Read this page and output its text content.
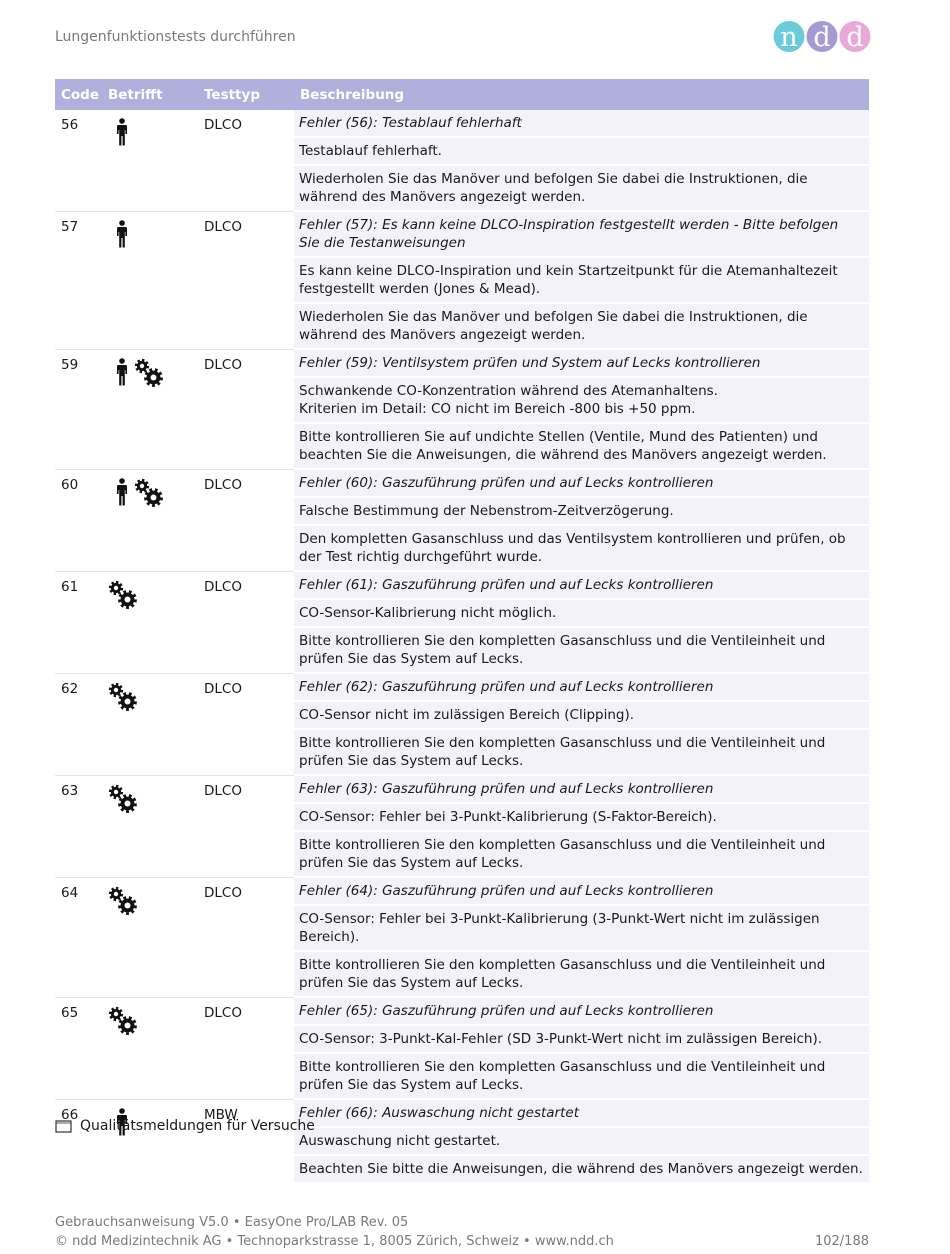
Lungenfunktionstests durchführen	n d d
Code	Betrifft	Testtyp	Beschreibung
56		DLCO	Fehler (56): Testablauf fehlerhaft
			Testablauf fehlerhaft.
			Wiederholen Sie das Manöver und befolgen Sie dabei die Instruktionen, die während des Manövers angezeigt werden.
57		DLCO	Fehler (57): Es kann keine DLCO-Inspiration festgestellt werden - Bitte befolgen Sie die Testanweisungen
			Es kann keine DLCO-Inspiration und kein Startzeitpunkt für die Atemanhaltezeit festgestellt werden (Jones & Mead).
			Wiederholen Sie das Manöver und befolgen Sie dabei die Instruktionen, die während des Manövers angezeigt werden.
59		DLCO	Fehler (59): Ventilsystem prüfen und System auf Lecks kontrollieren

			Schwankende CO-Konzentration während des Atemanhaltens.
Kriterien im Detail: CO nicht im Bereich -800 bis +50 ppm.

			Bitte kontrollieren Sie auf undichte Stellen (Ventile, Mund des Patienten) und beachten Sie die Anweisungen, die während des Manövers angezeigt werden.
60		DLCO	Fehler (60): Gaszuführung prüfen und auf Lecks kontrollieren
			Falsche Bestimmung der Nebenstrom-Zeitverzögerung.
			Den kompletten Gasanschluss und das Ventilsystem kontrollieren und prüfen, ob der Test richtig durchgeführt wurde.
61		DLCO	Fehler (61): Gaszuführung prüfen und auf Lecks kontrollieren
			CO-Sensor-Kalibrierung nicht möglich.
			Bitte kontrollieren Sie den kompletten Gasanschluss und die Ventileinheit und prüfen Sie das System auf Lecks.
62		DLCO	Fehler (62): Gaszuführung prüfen und auf Lecks kontrollieren
			CO-Sensor nicht im zulässigen Bereich (Clipping).
			Bitte kontrollieren Sie den kompletten Gasanschluss und die Ventileinheit und prüfen Sie das System auf Lecks.
63		DLCO	Fehler (63): Gaszuführung prüfen und auf Lecks kontrollieren
			CO-Sensor: Fehler bei 3-Punkt-Kalibrierung (S-Faktor-Bereich).
			Bitte kontrollieren Sie den kompletten Gasanschluss und die Ventileinheit und prüfen Sie das System auf Lecks.
64		DLCO	Fehler (64): Gaszuführung prüfen und auf Lecks kontrollieren
			CO-Sensor: Fehler bei 3-Punkt-Kalibrierung (3-Punkt-Wert nicht im zulässigen Bereich).
			Bitte kontrollieren Sie den kompletten Gasanschluss und die Ventileinheit und prüfen Sie das System auf Lecks.
65		DLCO	Fehler (65): Gaszuführung prüfen und auf Lecks kontrollieren
			CO-Sensor: 3-Punkt-Kal-Fehler (SD 3-Punkt-Wert nicht im zulässigen Bereich).
			Bitte kontrollieren Sie den kompletten Gasanschluss und die Ventileinheit und prüfen Sie das System auf Lecks.
66		MBW	Fehler (66): Auswaschung nicht gestartet
			Auswaschung nicht gestartet.
			Beachten Sie bitte die Anweisungen, die während des Manövers angezeigt werden.
Qualitätsmeldungen für Versuche
Gebrauchsanweisung V5.0 • EasyOne Pro/LAB Rev. 05
© ndd Medizintechnik AG • Technoparkstrasse 1, 8005 Zürich, Schweiz • www.ndd.ch	102/188
